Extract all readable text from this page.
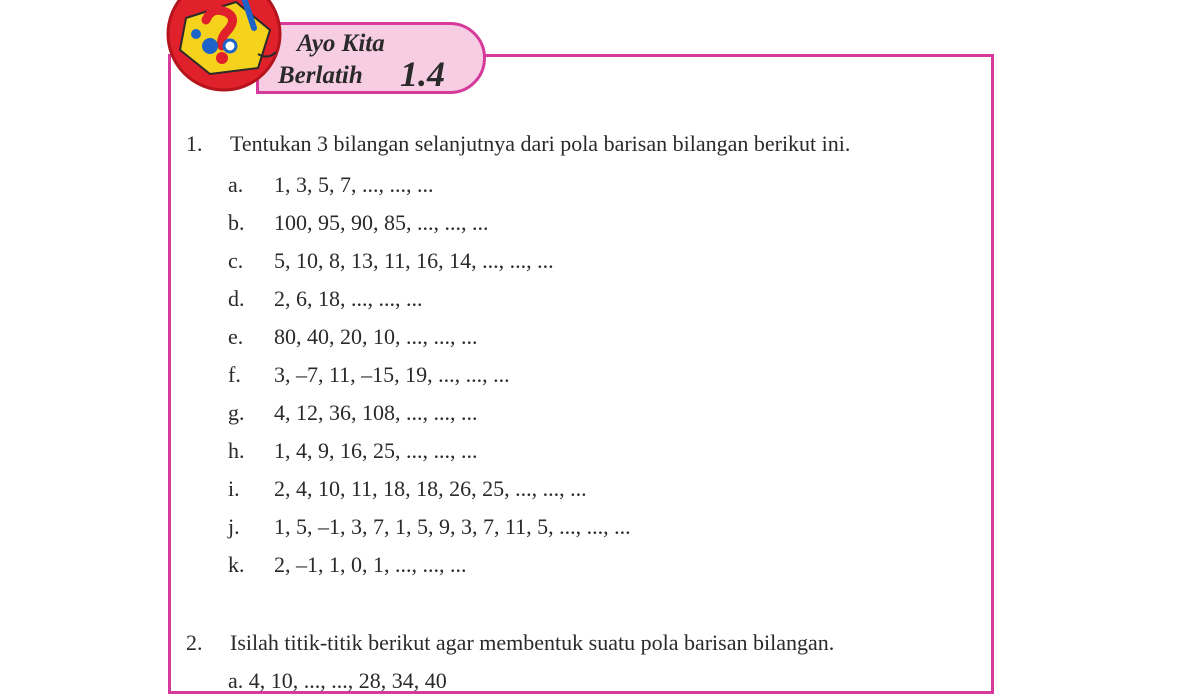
Ayo Kita
Berlatih 1.4
1. Tentukan 3 bilangan selanjutnya dari pola barisan bilangan berikut ini.
a. 1, 3, 5, 7, ..., ..., ...
b. 100, 95, 90, 85, ..., ..., ...
c. 5, 10, 8, 13, 11, 16, 14, ..., ..., ...
d. 2, 6, 18, ..., ..., ...
e. 80, 40, 20, 10, ..., ..., ...
f. 3, –7, 11, –15, 19, ..., ..., ...
g. 4, 12, 36, 108, ..., ..., ...
h. 1, 4, 9, 16, 25, ..., ..., ...
i. 2, 4, 10, 11, 18, 18, 26, 25, ..., ..., ...
j. 1, 5, –1, 3, 7, 1, 5, 9, 3, 7, 11, 5, ..., ..., ...
k. 2, –1, 1, 0, 1, ..., ..., ...
2. Isilah titik-titik berikut agar membentuk suatu pola barisan bilangan.
a. 4, 10, ..., ..., 28, 34, 40
